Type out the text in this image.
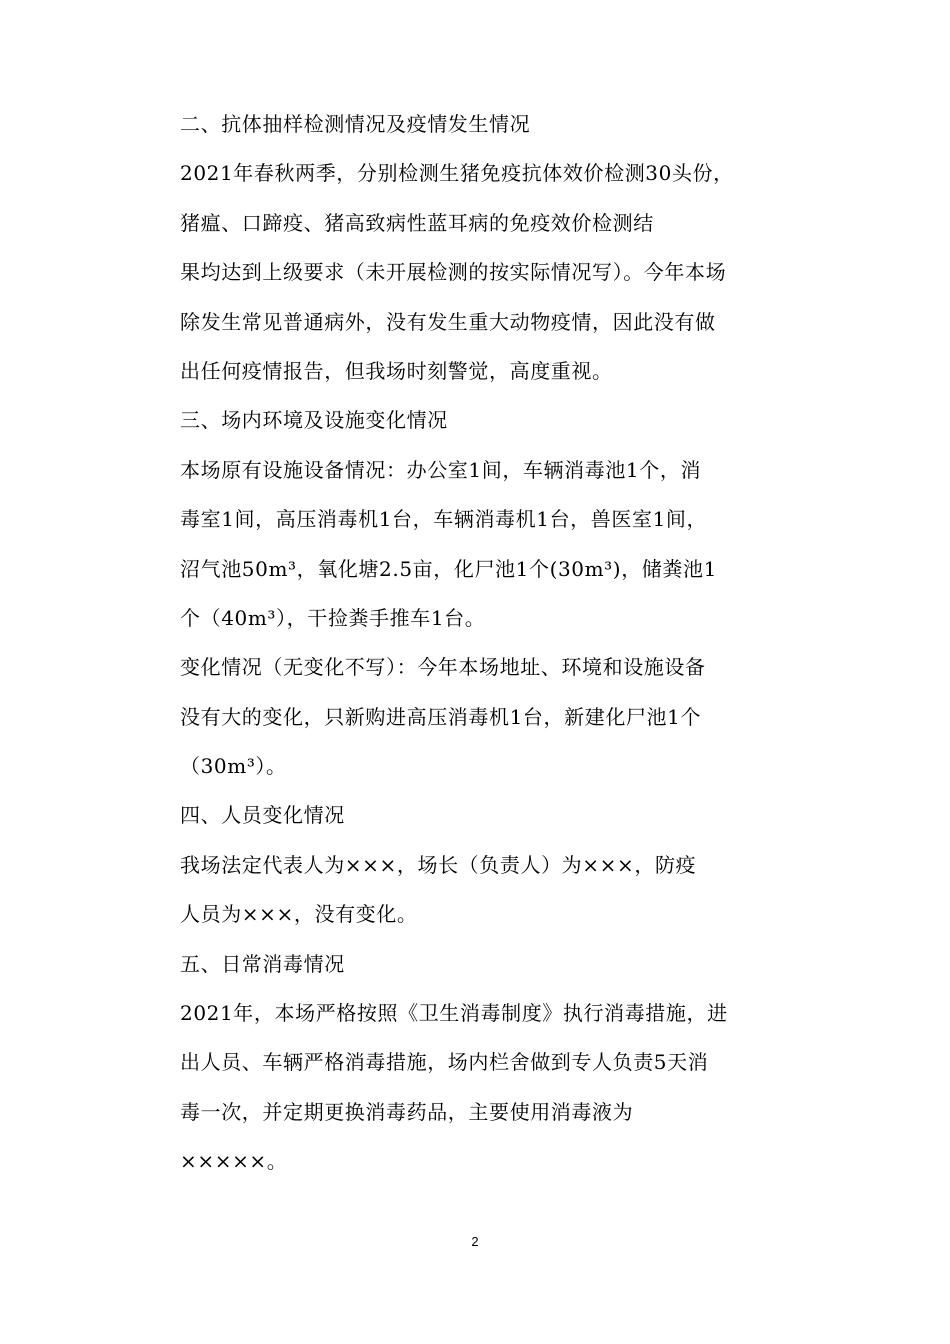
二、抗体抽样检测情况及疫情发生情况
2021年春秋两季，分别检测生猪免疫抗体效价检测30头份，
猪瘟、口蹄疫、猪高致病性蓝耳病的免疫效价检测结
果均达到上级要求（未开展检测的按实际情况写）。今年本场
除发生常见普通病外，没有发生重大动物疫情，因此没有做
出任何疫情报告，但我场时刻警觉，高度重视。
三、场内环境及设施变化情况
本场原有设施设备情况：办公室1间，车辆消毒池1个，消
毒室1间，高压消毒机1台，车辆消毒机1台，兽医室1间，
沼气池50m³，氧化塘2.5亩，化尸池1个(30m³)，储粪池1
个（40m³），干捡粪手推车1台。
变化情况（无变化不写）：今年本场地址、环境和设施设备
没有大的变化，只新购进高压消毒机1台，新建化尸池1个
（30m³）。
四、人员变化情况
我场法定代表人为×××，场长（负责人）为×××，防疫
人员为×××，没有变化。
五、日常消毒情况
2021年，本场严格按照《卫生消毒制度》执行消毒措施，进
出人员、车辆严格消毒措施，场内栏舍做到专人负责5天消
毒一次，并定期更换消毒药品，主要使用消毒液为
×××××。
2
